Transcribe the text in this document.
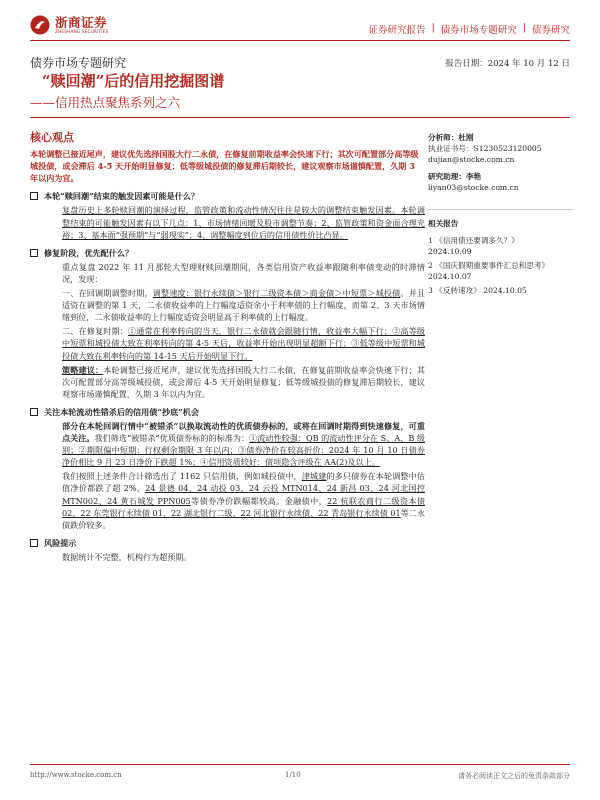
浙商证券
ZHESHANG SECURITIES	证券研究报告 | 债券市场专题研究 | 债券研究
债券市场专题研究	报告日期：2024 年 10 月 12 日
“赎回潮”后的信用挖掘图谱
——信用热点聚焦系列之六
核心观点
本轮调整已接近尾声，建议优先选择国股大行二永债，在修复前期收益率会快速下行；其次可配置部分高等级城投债，或会滞后 4-5 天开始明显修复；低等级城投债的修复滞后期较长，建议观察市场谨慎配置，久期 3 年以内为宜。
本轮“赎回潮”结束的触发因素可能是什么？
复盘历史上多轮赎回潮的演绎过程，监管政策和流动性情况往往是较大的调整结束触发因素。本轮调整结束的可能触发因素有以下几点：1、市场情绪回暖及股市调整节奏；2、监管政策和资金面合理充裕；3、基本面“强预期”与“弱现实”；4、调整幅度到位后的信用债性价比凸显。
修复阶段，优先配什么？
重点复盘 2022 年 11 月那轮大型理财赎回潮期间，各类信用资产收益率跟随利率债变动的时滞情况，发现：
一、在回调期调整时期，调整速度：银行永续债＞银行二级资本债＞商金债＞中短票＞城投债。并且适资在调整的第 1 天，二永债收益率的上行幅度适资余小于利率债的上行幅度，而第 2、3 天市场情绪到位，二永债收益率的上行幅度适资会明显高于利率债的上行幅度。
二、在修复时期：①通常在利率转向的当天，银行二永债就会跟随行情，收益率大幅下行；②高等级中短票和城投债大致在利率转向的第 4-5 天后，收益率开始出现明显超额下行；③低等级中短票和城投债大致在利率转向的第 14-15 天后开始明显下行。
策略建议：本轮调整已接近尾声，建议优先选择国股大行二永债，在修复前期收益率会快速下行；其次可配置部分高等级城投债，或会滞后 4-5 天开始明显修复；低等级城投债的修复滞后期较长，建议观察市场谨慎配置，久期 3 年以内为宜。
关注本轮流动性错杀后的信用债“抄底”机会
部分在本轮回调行情中“被错杀”以换取流动性的优质债券标的，或将在回调时期得到快速修复，可重点关注。我们筛选“被错杀”优质债券标的的标准为：①流动性较强：QB 的流动性评分在 S、A、B 级别；②期限偏中短期：行权剩余期限 3 年以内；③债券净价在较高折价：2024 年 10 月 10 日债券净价相比 9 月 23 日净价下跌超 1%；④信用资质较好：债项隐含评级在 AA(2)及以上。
我们按照上述条件合计筛选出了 1162 只信用债，例如城投债中，津城建的多只债券在本轮调整中估值净价都跌了超 2%，24 景德 04、24 动投 03、24 云投 MTN014、24 新昌 03、24 河北国控 MTN002、24 黄石城发 PPN005等债券净价跌幅都较高。金融债中，22 杭联农商行二级资本债 02、22 东莞银行永续债 01、22 湖北银行二级、22 河北银行永续债、22 青岛银行永续债 01等二永债跌价较多。
风险提示
数据统计不完整，机构行为超预期。
分析师：杜刚
执业证书号：S1230523120005
dujian@stocke.com.cn
研究助理：李艳
liyan03@stocke.com.cn
相关报告
1 《信用债还要调多久？》
2024.10.09
2 《国庆假期重要事件汇总和思考》
2024.10.07
3 《反转速攻》 2024.10.05
http://www.stocke.com.cn	1/10	请务必阅读正文之后的免责条款部分
